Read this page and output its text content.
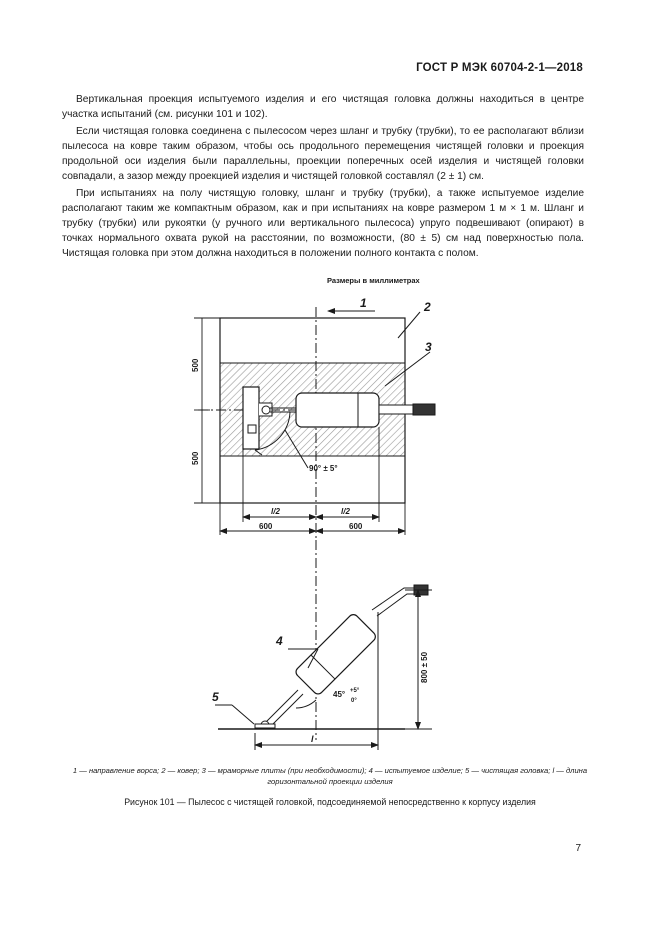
ГОСТ Р МЭК 60704-2-1—2018

Вертикальная проекция испытуемого изделия и его чистящая головка должны находиться в центре участка испытаний (см. рисунки 101 и 102).

Если чистящая головка соединена с пылесосом через шланг и трубку (трубки), то ее располагают вблизи пылесоса на ковре таким образом, чтобы ось продольного перемещения чистящей головки и проекция продольной оси изделия были параллельны, проекции поперечных осей изделия и чистящей головки совпадали, а зазор между проекцией изделия и чистящей головкой составлял (2 ± 1) см.

При испытаниях на полу чистящую головку, шланг и трубку (трубки), а также испытуемое изделие располагают таким же компактным образом, как и при испытаниях на ковре размером 1 м × 1 м. Шланг и трубку (трубки) или рукоятки (у ручного или вертикального пылесоса) упруго подвешивают (опирают) в точках нормального охвата рукой на расстоянии, по возможности, (80 ± 5) см над поверхностью пола. Чистящая головка при этом должна находиться в положении полного контакта с полом.

Размеры в миллиметрах
90° ± 5°
1	2
3
500
500
l/2	l/2
600	600
4
5
800 ± 50
l
45° +5°
0°
1 — направление ворса; 2 — ковер; 3 — мраморные плиты (при необходимости); 4 — испытуемое изделие; 5 — чистящая головка; l — длина горизонтальной проекции изделия
Рисунок 101 — Пылесос с чистящей головкой, подсоединяемой непосредственно к корпусу изделия
7
